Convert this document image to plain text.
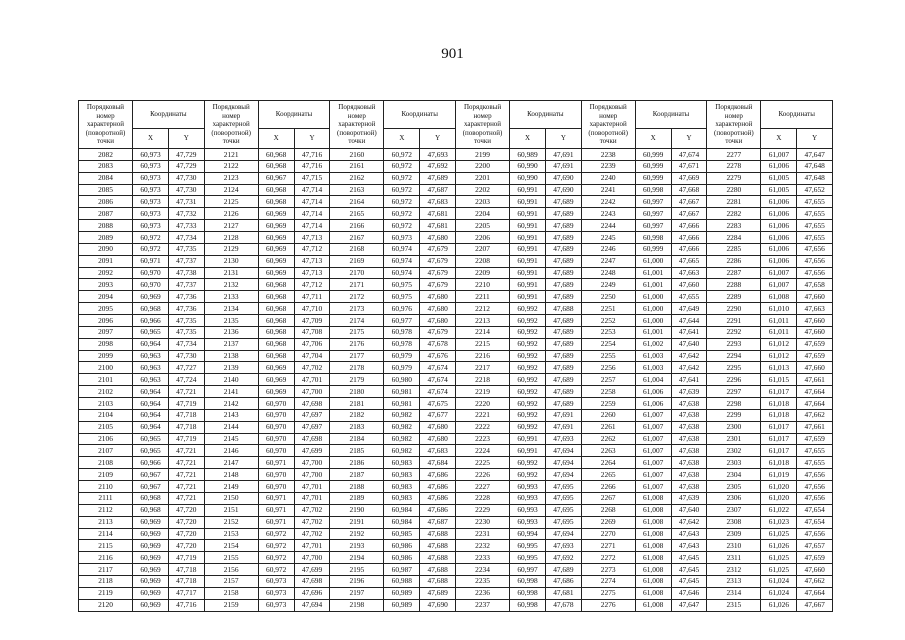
901
Порядковый номер характерной (поворотной) точки	Координаты		Порядковый номер характерной (поворотной) точки	Координаты		Порядковый номер характерной (поворотной) точки	Координаты		Порядковый номер характерной (поворотной) точки	Координаты		Порядковый номер характерной (поворотной) точки	Координаты		Порядковый номер характерной (поворотной) точки	Координаты	
	X	Y		X	Y		X	Y		X	Y		X	Y		X	Y
2082	60,973	47,729	2121	60,968	47,716	2160	60,972	47,693	2199	60,989	47,691	2238	60,999	47,674	2277	61,007	47,647
2083	60,973	47,729	2122	60,968	47,716	2161	60,972	47,692	2200	60,990	47,691	2239	60,999	47,671	2278	61,006	47,648
2084	60,973	47,730	2123	60,967	47,715	2162	60,972	47,689	2201	60,990	47,690	2240	60,999	47,669	2279	61,005	47,648
2085	60,973	47,730	2124	60,968	47,714	2163	60,972	47,687	2202	60,991	47,690	2241	60,998	47,668	2280	61,005	47,652
2086	60,973	47,731	2125	60,968	47,714	2164	60,972	47,683	2203	60,991	47,689	2242	60,997	47,667	2281	61,006	47,655
2087	60,973	47,732	2126	60,969	47,714	2165	60,972	47,681	2204	60,991	47,689	2243	60,997	47,667	2282	61,006	47,655
2088	60,973	47,733	2127	60,969	47,714	2166	60,972	47,681	2205	60,991	47,689	2244	60,997	47,666	2283	61,006	47,655
2089	60,972	47,734	2128	60,969	47,713	2167	60,973	47,680	2206	60,991	47,689	2245	60,998	47,666	2284	61,006	47,655
2090	60,972	47,735	2129	60,969	47,712	2168	60,974	47,679	2207	60,991	47,689	2246	60,999	47,666	2285	61,006	47,656
2091	60,971	47,737	2130	60,969	47,713	2169	60,974	47,679	2208	60,991	47,689	2247	61,000	47,665	2286	61,006	47,656
2092	60,970	47,738	2131	60,969	47,713	2170	60,974	47,679	2209	60,991	47,689	2248	61,001	47,663	2287	61,007	47,656
2093	60,970	47,737	2132	60,968	47,712	2171	60,975	47,679	2210	60,991	47,689	2249	61,001	47,660	2288	61,007	47,658
2094	60,969	47,736	2133	60,968	47,711	2172	60,975	47,680	2211	60,991	47,689	2250	61,000	47,655	2289	61,008	47,660
2095	60,968	47,736	2134	60,968	47,710	2173	60,976	47,680	2212	60,992	47,688	2251	61,000	47,649	2290	61,010	47,663
2096	60,966	47,735	2135	60,968	47,709	2174	60,977	47,680	2213	60,992	47,689	2252	61,000	47,644	2291	61,011	47,660
2097	60,965	47,735	2136	60,968	47,708	2175	60,978	47,679	2214	60,992	47,689	2253	61,001	47,641	2292	61,011	47,660
2098	60,964	47,734	2137	60,968	47,706	2176	60,978	47,678	2215	60,992	47,689	2254	61,002	47,640	2293	61,012	47,659
2099	60,963	47,730	2138	60,968	47,704	2177	60,979	47,676	2216	60,992	47,689	2255	61,003	47,642	2294	61,012	47,659
2100	60,963	47,727	2139	60,969	47,702	2178	60,979	47,674	2217	60,992	47,689	2256	61,003	47,642	2295	61,013	47,660
2101	60,963	47,724	2140	60,969	47,701	2179	60,980	47,674	2218	60,992	47,689	2257	61,004	47,641	2296	61,015	47,661
2102	60,964	47,721	2141	60,969	47,700	2180	60,981	47,674	2219	60,992	47,689	2258	61,006	47,639	2297	61,017	47,664
2103	60,964	47,719	2142	60,970	47,698	2181	60,981	47,675	2220	60,992	47,689	2259	61,006	47,638	2298	61,018	47,664
2104	60,964	47,718	2143	60,970	47,697	2182	60,982	47,677	2221	60,992	47,691	2260	61,007	47,638	2299	61,018	47,662
2105	60,964	47,718	2144	60,970	47,697	2183	60,982	47,680	2222	60,992	47,691	2261	61,007	47,638	2300	61,017	47,661
2106	60,965	47,719	2145	60,970	47,698	2184	60,982	47,680	2223	60,991	47,693	2262	61,007	47,638	2301	61,017	47,659
2107	60,965	47,721	2146	60,970	47,699	2185	60,982	47,683	2224	60,991	47,694	2263	61,007	47,638	2302	61,017	47,655
2108	60,966	47,721	2147	60,971	47,700	2186	60,983	47,684	2225	60,992	47,694	2264	61,007	47,638	2303	61,018	47,655
2109	60,967	47,721	2148	60,970	47,700	2187	60,983	47,686	2226	60,992	47,694	2265	61,007	47,638	2304	61,019	47,656
2110	60,967	47,721	2149	60,970	47,701	2188	60,983	47,686	2227	60,993	47,695	2266	61,007	47,638	2305	61,020	47,656
2111	60,968	47,721	2150	60,971	47,701	2189	60,983	47,686	2228	60,993	47,695	2267	61,008	47,639	2306	61,020	47,656
2112	60,968	47,720	2151	60,971	47,702	2190	60,984	47,686	2229	60,993	47,695	2268	61,008	47,640	2307	61,022	47,654
2113	60,969	47,720	2152	60,971	47,702	2191	60,984	47,687	2230	60,993	47,695	2269	61,008	47,642	2308	61,023	47,654
2114	60,969	47,720	2153	60,972	47,702	2192	60,985	47,688	2231	60,994	47,694	2270	61,008	47,643	2309	61,025	47,656
2115	60,969	47,720	2154	60,972	47,701	2193	60,986	47,688	2232	60,995	47,693	2271	61,008	47,643	2310	61,026	47,657
2116	60,969	47,719	2155	60,972	47,700	2194	60,986	47,688	2233	60,995	47,692	2272	61,008	47,645	2311	61,025	47,659
2117	60,969	47,718	2156	60,972	47,699	2195	60,987	47,688	2234	60,997	47,689	2273	61,008	47,645	2312	61,025	47,660
2118	60,969	47,718	2157	60,973	47,698	2196	60,988	47,688	2235	60,998	47,686	2274	61,008	47,645	2313	61,024	47,662
2119	60,969	47,717	2158	60,973	47,696	2197	60,989	47,689	2236	60,998	47,681	2275	61,008	47,646	2314	61,024	47,664
2120	60,969	47,716	2159	60,973	47,694	2198	60,989	47,690	2237	60,998	47,678	2276	61,008	47,647	2315	61,026	47,667
